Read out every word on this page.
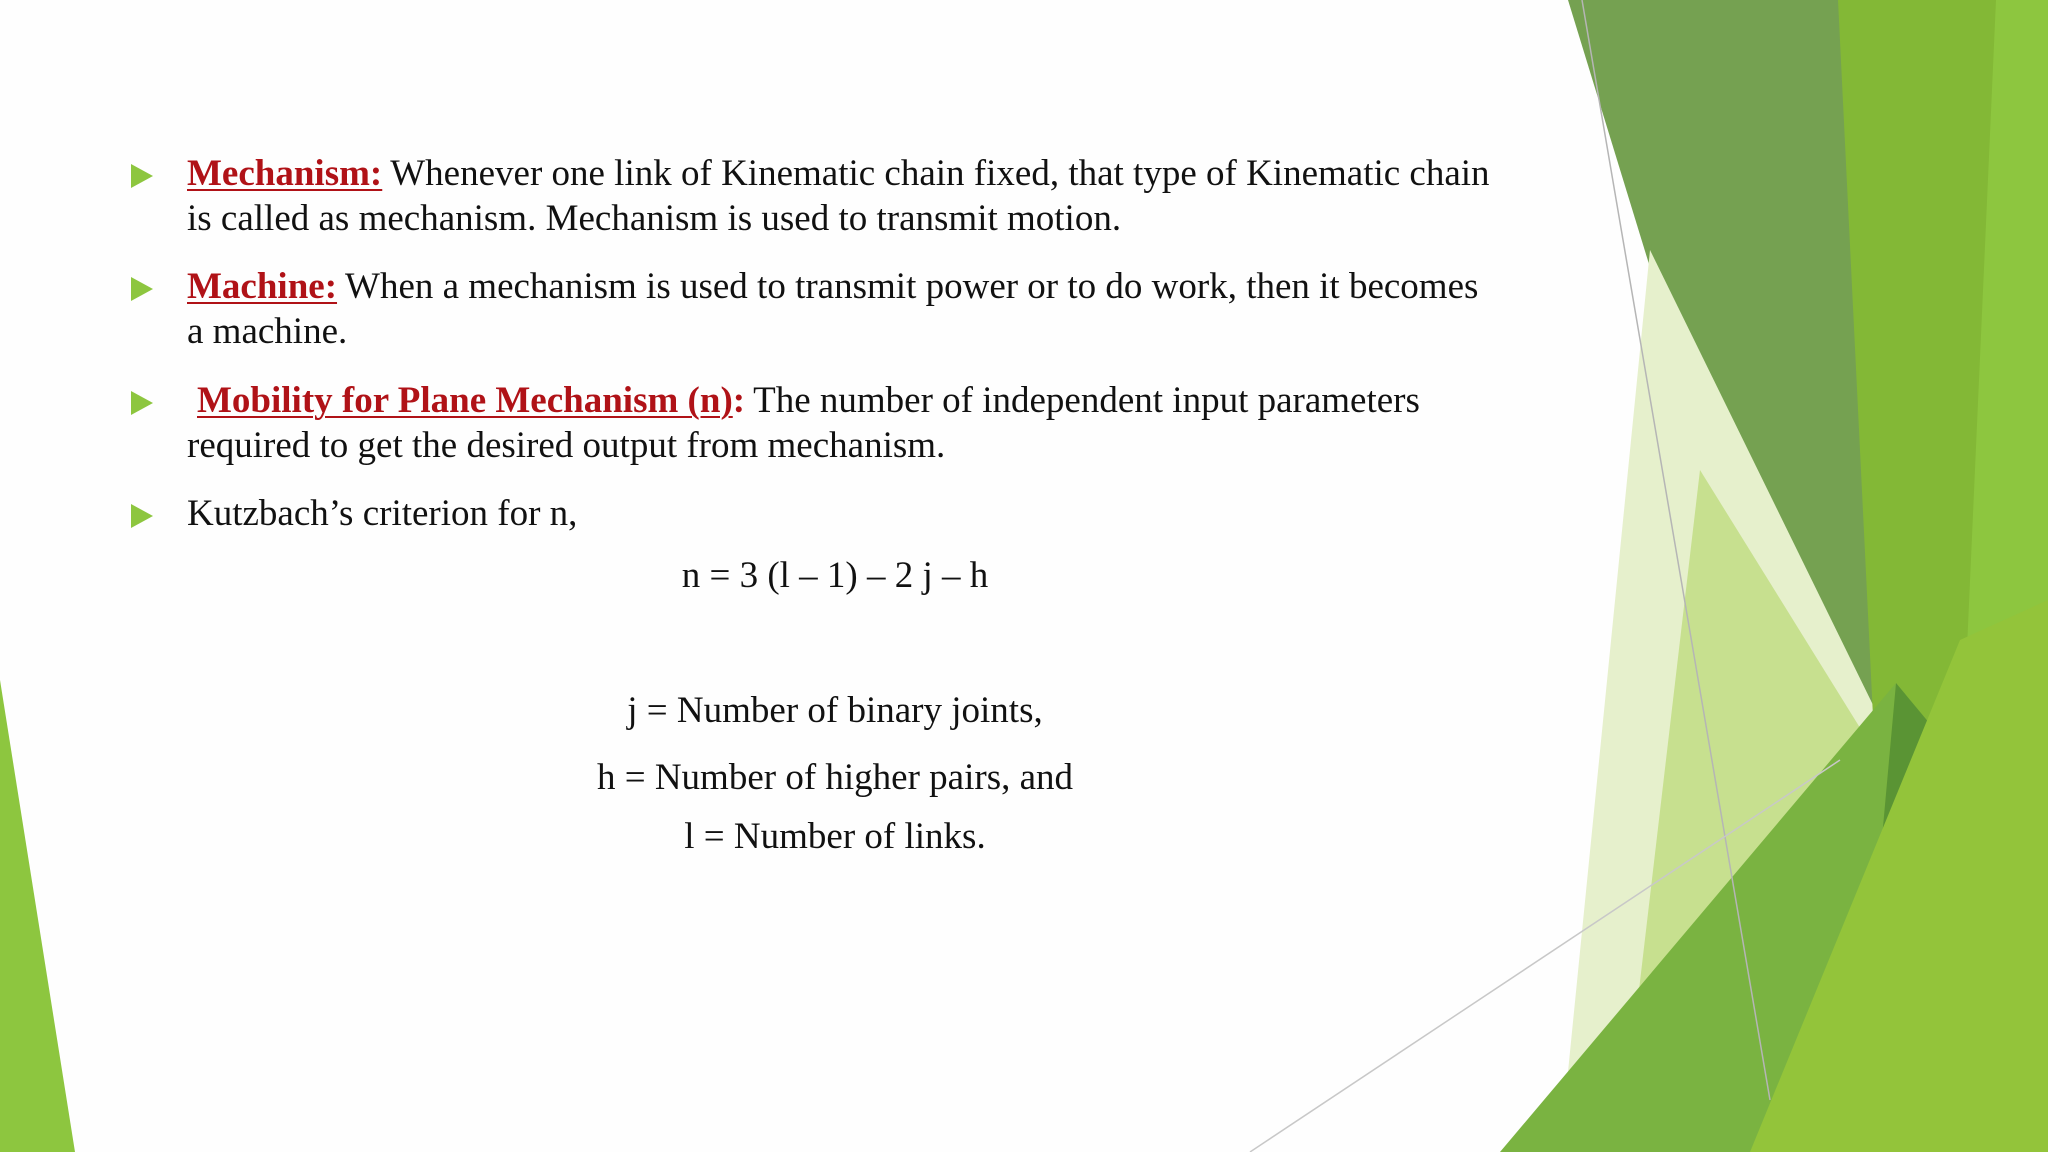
Mechanism: Whenever one link of Kinematic chain fixed, that type of Kinematic chain
is called as mechanism. Mechanism is used to transmit motion.
Machine: When a mechanism is used to transmit power or to do work, then it becomes
a machine.
Mobility for Plane Mechanism (n): The number of independent input parameters
required to get the desired output from mechanism.
Kutzbach’s criterion for n,
n = 3 (l – 1) – 2 j – h
j = Number of binary joints,
h = Number of higher pairs, and
l = Number of links.
